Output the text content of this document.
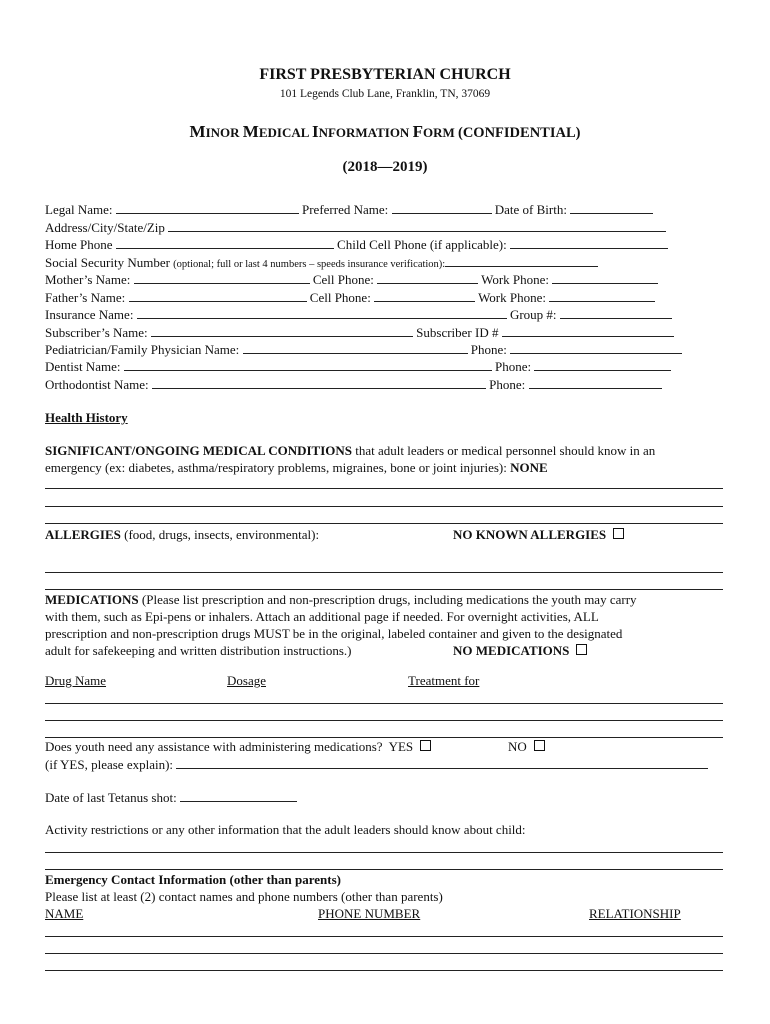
FIRST PRESBYTERIAN CHURCH
101 Legends Club Lane, Franklin, TN, 37069
MINOR MEDICAL INFORMATION FORM (CONFIDENTIAL)
(2018—2019)
Legal Name:	Preferred Name:	Date of Birth:
Address/City/State/Zip
Home Phone	Child Cell Phone (if applicable):
Social Security Number (optional; full or last 4 numbers – speeds insurance verification):
Mother’s Name:	Cell Phone:	Work Phone:
Father’s Name:	Cell Phone:	Work Phone:
Insurance Name:	Group #:
Subscriber’s Name:	Subscriber ID #
Pediatrician/Family Physician Name:	Phone:
Dentist Name:	Phone:
Orthodontist Name:	Phone:
Health History
SIGNIFICANT/ONGOING MEDICAL CONDITIONS that adult leaders or medical personnel should know in an
emergency (ex: diabetes, asthma/respiratory problems, migraines, bone or joint injuries): NONE
ALLERGIES (food, drugs, insects, environmental):	NO KNOWN ALLERGIES
MEDICATIONS (Please list prescription and non-prescription drugs, including medications the youth may carry
with them, such as Epi-pens or inhalers. Attach an additional page if needed. For overnight activities, ALL
prescription and non-prescription drugs MUST be in the original, labeled container and given to the designated
adult for safekeeping and written distribution instructions.)	NO MEDICATIONS
Drug Name	Dosage	Treatment for
Does youth need any assistance with administering medications? YES	NO
(if YES, please explain):
Date of last Tetanus shot:
Activity restrictions or any other information that the adult leaders should know about child:
Emergency Contact Information (other than parents)
Please list at least (2) contact names and phone numbers (other than parents)
NAME	PHONE NUMBER	RELATIONSHIP
